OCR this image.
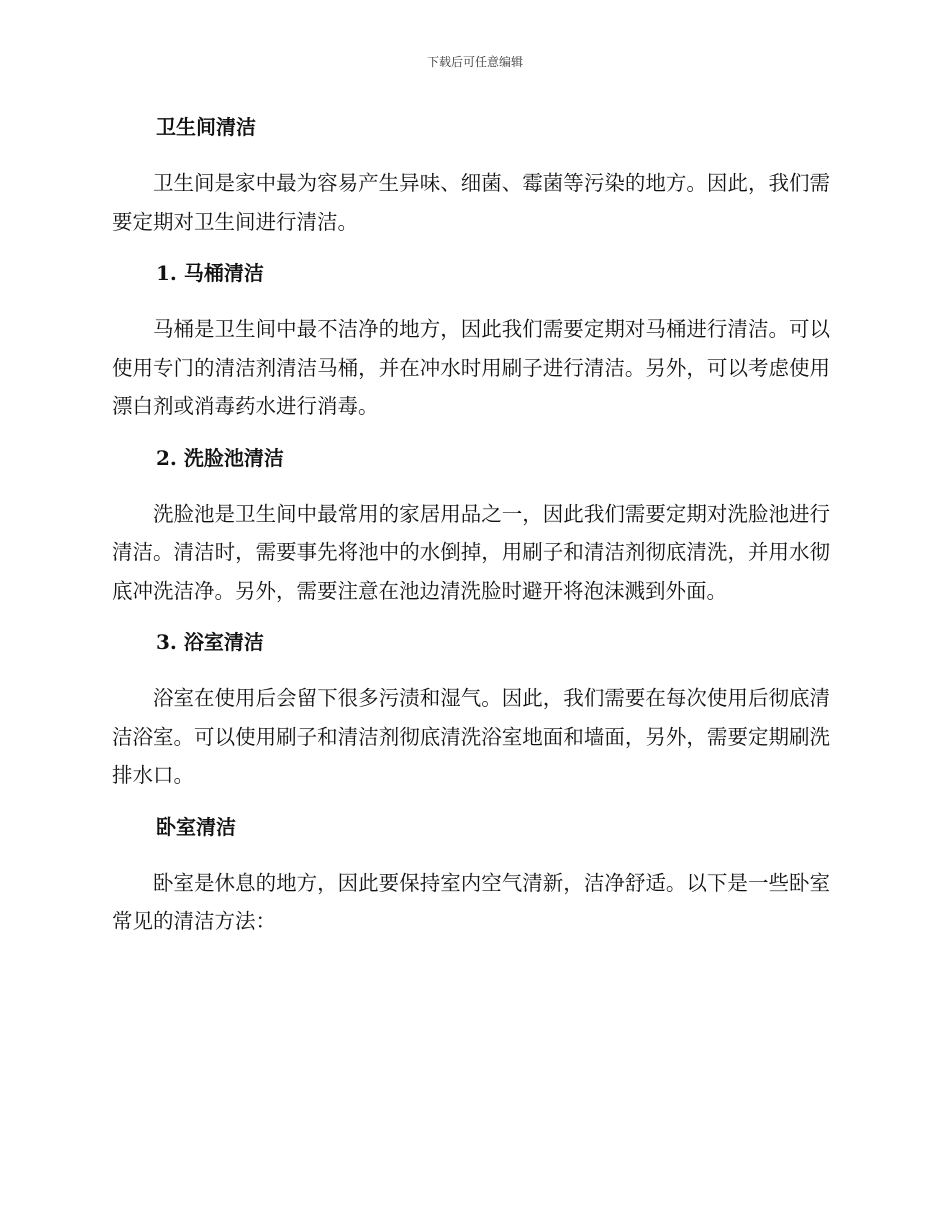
下载后可任意编辑
卫生间清洁

卫生间是家中最为容易产生异味、细菌、霉菌等污染的地方。因此，我们需要定期对卫生间进行清洁。

1. 马桶清洁

马桶是卫生间中最不洁净的地方，因此我们需要定期对马桶进行清洁。可以使用专门的清洁剂清洁马桶，并在冲水时用刷子进行清洁。另外，可以考虑使用漂白剂或消毒药水进行消毒。

2. 洗脸池清洁

洗脸池是卫生间中最常用的家居用品之一，因此我们需要定期对洗脸池进行清洁。清洁时，需要事先将池中的水倒掉，用刷子和清洁剂彻底清洗，并用水彻底冲洗洁净。另外，需要注意在池边清洗脸时避开将泡沫溅到外面。

3. 浴室清洁

浴室在使用后会留下很多污渍和湿气。因此，我们需要在每次使用后彻底清洁浴室。可以使用刷子和清洁剂彻底清洗浴室地面和墙面，另外，需要定期刷洗排水口。

卧室清洁

卧室是休息的地方，因此要保持室内空气清新，洁净舒适。以下是一些卧室常见的清洁方法：
